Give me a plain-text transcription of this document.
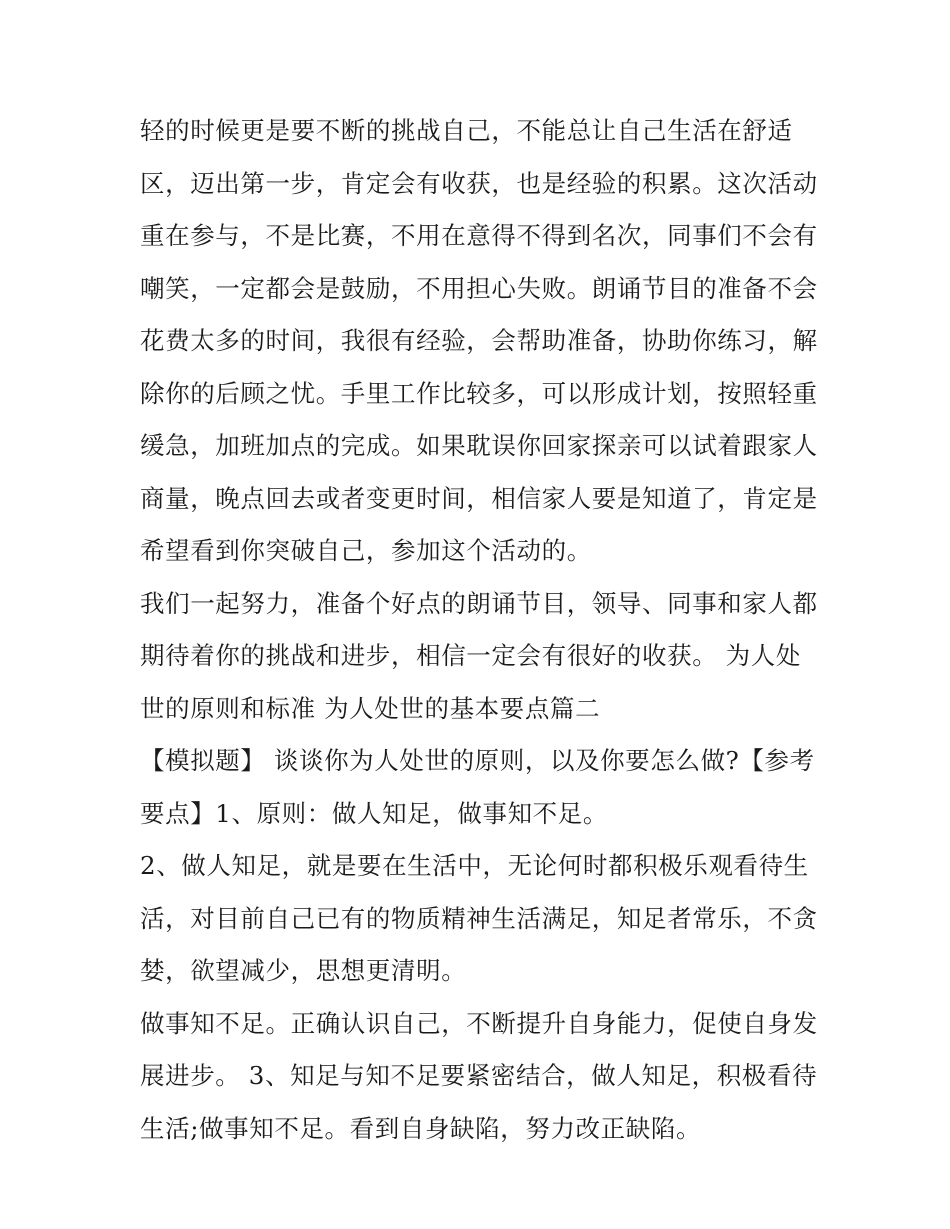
轻的时候更是要不断的挑战自己，不能总让自己生活在舒适
区，迈出第一步，肯定会有收获，也是经验的积累。这次活动
重在参与，不是比赛，不用在意得不得到名次，同事们不会有
嘲笑，一定都会是鼓励，不用担心失败。朗诵节目的准备不会
花费太多的时间，我很有经验，会帮助准备，协助你练习，解
除你的后顾之忧。手里工作比较多，可以形成计划，按照轻重
缓急，加班加点的完成。如果耽误你回家探亲可以试着跟家人
商量，晚点回去或者变更时间，相信家人要是知道了，肯定是
希望看到你突破自己，参加这个活动的。
我们一起努力，准备个好点的朗诵节目，领导、同事和家人都
期待着你的挑战和进步，相信一定会有很好的收获。 为人处
世的原则和标准 为人处世的基本要点篇二
【模拟题】 谈谈你为人处世的原则，以及你要怎么做?【参考
要点】1、原则：做人知足，做事知不足。
2、做人知足，就是要在生活中，无论何时都积极乐观看待生
活，对目前自己已有的物质精神生活满足，知足者常乐，不贪
婪，欲望减少，思想更清明。
做事知不足。正确认识自己，不断提升自身能力，促使自身发
展进步。 3、知足与知不足要紧密结合，做人知足，积极看待
生活;做事知不足。看到自身缺陷，努力改正缺陷。
